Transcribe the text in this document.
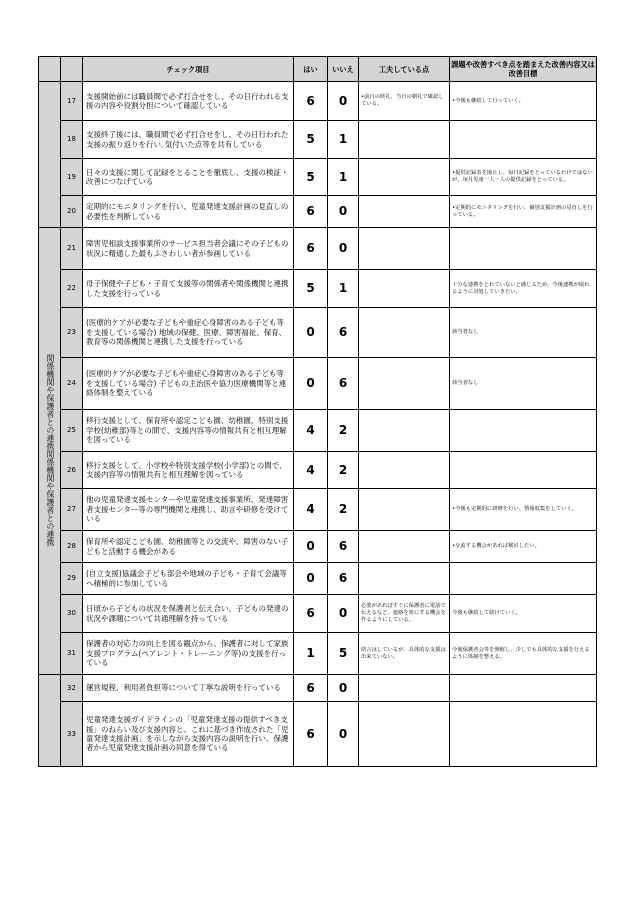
		チェック項目	はい	いいえ	工夫している点	課題や改善すべき点を踏まえた改善内容又は改善目標
	17	支援開始前には職員間で必ず打合せをし、その日行われる支援の内容や役割分担について確認している	6	0	•前日の終礼、当日の朝礼で確認している。	•今後も継続して行っていく。
	18	支援終了後には、職員間で必ず打合せをし、その日行われた支援の振り返りを行い､気付いた点等を共有している	5	1		
	19	日々の支援に関して記録をとることを徹底し、支援の検証・改善につなげている	5	1		•提供記録表を廃止し、毎日記録をとっているわけではないが、毎月児童一人一人の提供記録をとっている。
	20	定期的にモニタリングを行い、児童発達支援計画の見直しの必要性を判断している	6	0		•定期的にモニタリングを行い、個別支援計画の見直しを行っている。
関係機関や保護者との連携関係機関や保護者との連携	21	障害児相談支援事業所のサービス担当者会議にその子どもの状況に精通した最もふさわしい者が参画している	6	0		
	22	母子保健や子ども・子育て支援等の関係者や関係機関と連携した支援を行っている	5	1		十分な連携をとれていないと感じるため、今後連携が取れるように対処していきたい。
	23	(医療的ケアが必要な子どもや重症心身障害のある子ども等を支援している場合) 地域の保健、医療、障害福祉、保育、教育等の関係機関と連携した支援を行っている	0	6		該当者なし
	24	(医療的ケアが必要な子どもや重症心身障害のある子ども等を支援している場合) 子どもの主治医や協力医療機関等と連絡体制を整えている	0	6		該当者なし
	25	移行支援として、保育所や認定こども園、幼稚園、特別支援学校(幼稚部)等との間で、支援内容等の情報共有と相互理解を図っている	4	2		
	26	移行支援として、小学校や特別支援学校(小学部)との間で、支援内容等の情報共有と相互理解を図っている	4	2		
	27	他の児童発達支援センターや児童発達支援事業所、発達障害者支援センター等の専門機関と連携し、助言や研修を受けている	4	2		•今後も定期的に研修を行い、情報収集をしていく。
	28	保育所や認定こども園、幼稚園等との交流や、障害のない子どもと活動する機会がある	0	6		•交流する機会があれば検討したい。
	29	(自立支援)協議会子ども部会や地域の子ども・子育て会議等へ積極的に参加している	0	6		
	30	日頃から子どもの状況を保護者と伝え合い、子どもの発達の状況や課題について共通理解を持っている	6	0	必要があればすぐに保護者に電話で伝えるなど、連絡を密にする機会を作るようにしている。	今後も継続して続けていく。
	31	保護者の対応力の向上を図る観点から、保護者に対して家族支援プログラム(ペアレント・トレーニング等)の支援を行っている	1	5	助言はしているが、具体的な支援は出来ていない。	今後保護者会等を開催し、少しでも具体的な支援を行えるように体制を整える。
	32	運営規程、利用者負担等について丁寧な説明を行っている	6	0		
	33	児童発達支援ガイドラインの「児童発達支援の提供すべき支援」のねらい及び支援内容と、これに基づき作成された「児童発達支援計画」を示しながら支援内容の説明を行い、保護者から児童発達支援計画の同意を得ている	6	0		
